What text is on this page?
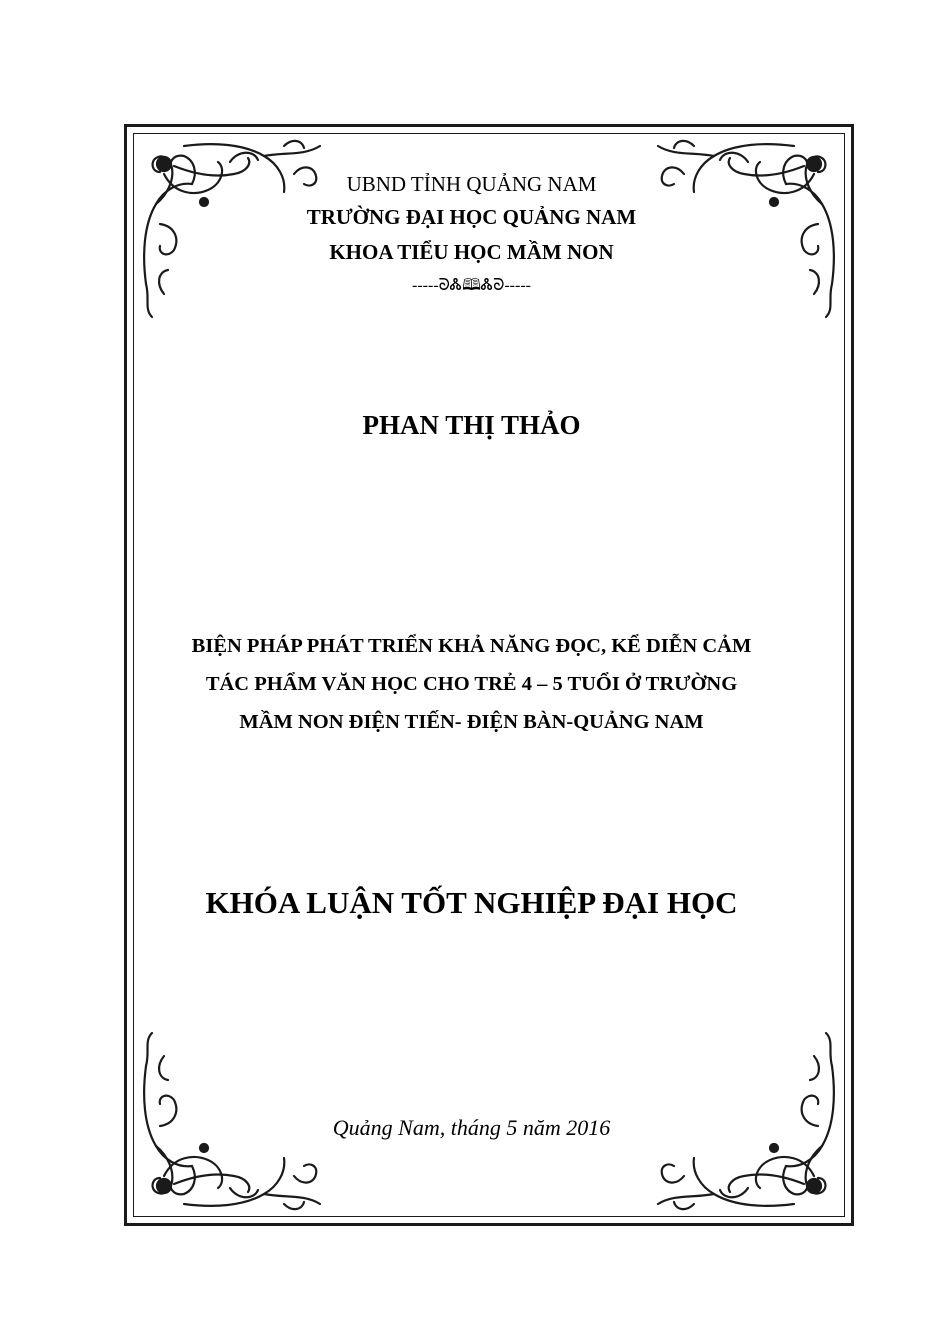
UBND TỈNH QUẢNG NAM
TRƯỜNG ĐẠI HỌC QUẢNG NAM
KHOA TIỂU HỌC MẦM NON
-----ᘐᏜ🕮Ꮬᘐ-----
PHAN THỊ THẢO
BIỆN PHÁP PHÁT TRIỂN KHẢ NĂNG ĐỌC, KỂ DIỄN CẢM
TÁC PHẨM VĂN HỌC CHO TRẺ 4 – 5 TUỔI Ở TRƯỜNG
MẦM NON ĐIỆN TIẾN- ĐIỆN BÀN-QUẢNG NAM
KHÓA LUẬN TỐT NGHIỆP ĐẠI HỌC
Quảng Nam, tháng 5 năm 2016
